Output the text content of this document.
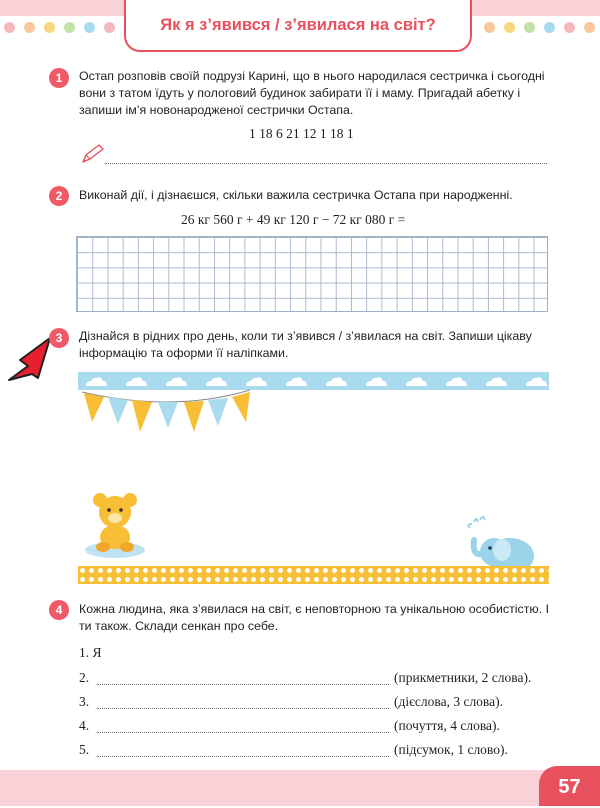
Як я з’явився / з’явилася на світ?
1	Остап розповів своїй подрузі Карині, що в нього народилася сестричка і сьогодні вони з татом їдуть у пологовий будинок забирати її і маму. Пригадай абетку і запиши ім’я новонародженої сестрички Остапа.
1 18 6 21 12 1 18 1
2	Виконай дії, і дізнаєшся, скільки важила сестричка Остапа при народженні.
26 кг 560 г + 49 кг 120 г − 72 кг 080 г =
3	Дізнайся в рідних про день, коли ти з’явився / з’явилася на світ. Запиши цікаву інформацію та оформи її наліпками.
4	Кожна людина, яка з’явилася на світ, є неповторною та унікальною особистістю. І ти також. Склади сенкан про себе.
1. Я
2.	(прикметники, 2 слова).
3.	(дієслова, 3 слова).
4.	(почуття, 4 слова).
5.	(підсумок, 1 слово).
57
